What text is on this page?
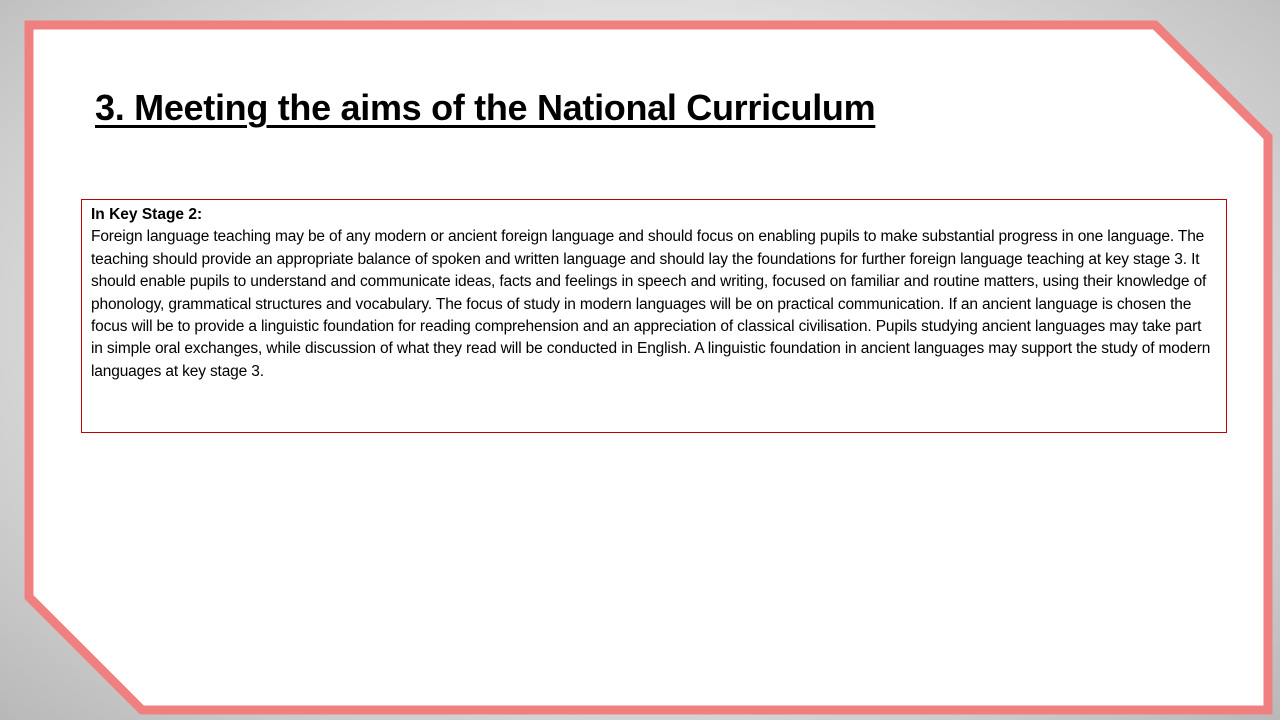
3. Meeting the aims of the National Curriculum
In Key Stage 2:

Foreign language teaching may be of any modern or ancient foreign language and should focus on enabling pupils to make substantial progress in one language. The teaching should provide an appropriate balance of spoken and written language and should lay the foundations for further foreign language teaching at key stage 3. It should enable pupils to understand and communicate ideas, facts and feelings in speech and writing, focused on familiar and routine matters, using their knowledge of phonology, grammatical structures and vocabulary. The focus of study in modern languages will be on practical communication. If an ancient language is chosen the focus will be to provide a linguistic foundation for reading comprehension and an appreciation of classical civilisation. Pupils studying ancient languages may take part in simple oral exchanges, while discussion of what they read will be conducted in English. A linguistic foundation in ancient languages may support the study of modern languages at key stage 3.
